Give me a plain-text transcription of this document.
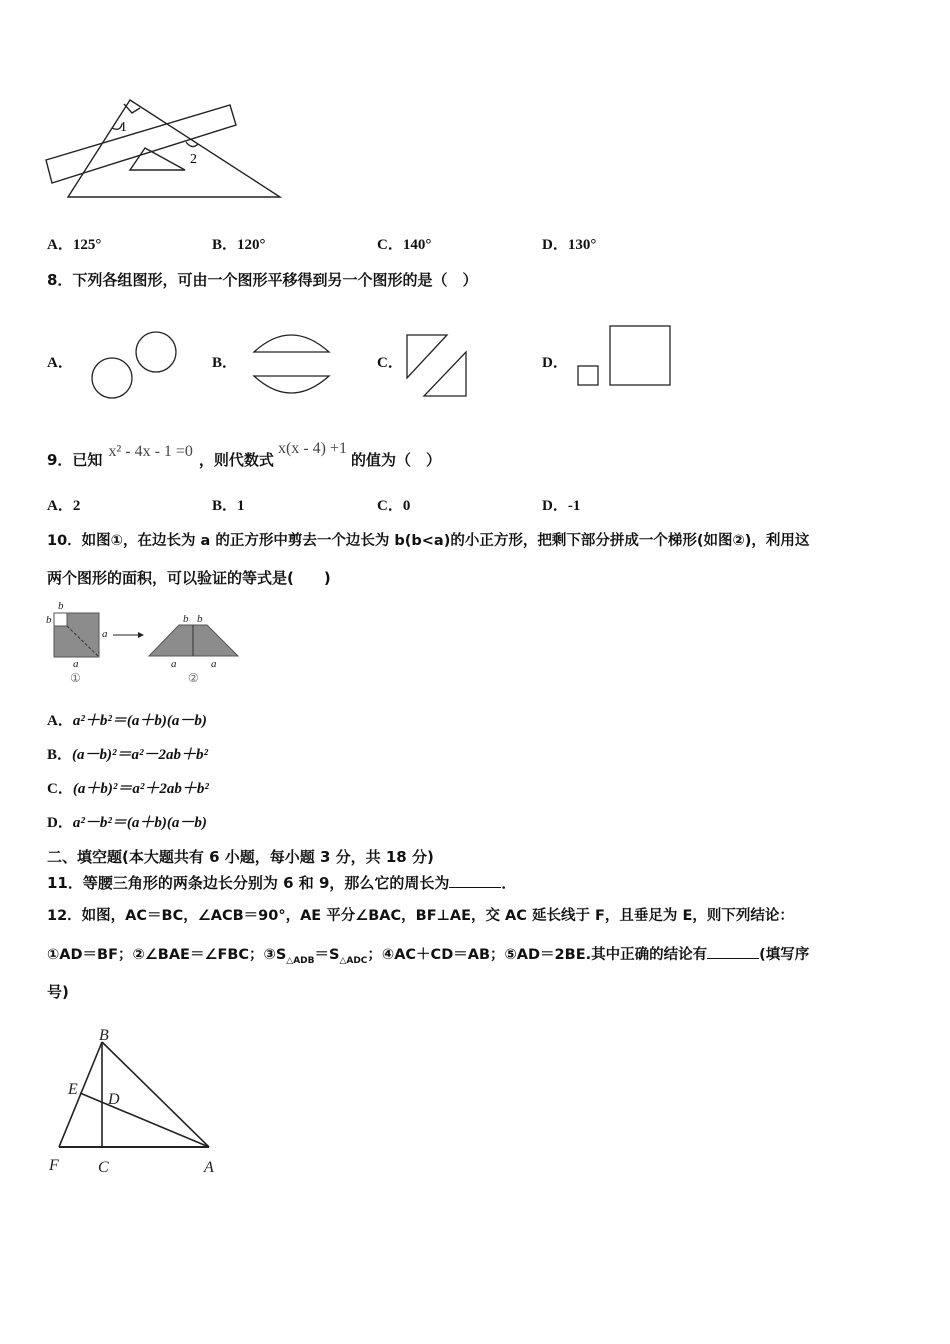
1
2
A．125°	B．120°	C．140°	D．130°
8．下列各组图形，可由一个图形平移得到另一个图形的是（　）
A．	B．	C．	D．
9．已知 x² - 4x - 1 =0 ，则代数式x(x - 4) +1的值为（　）
A．2	B．1	C．0	D．-1
10．如图①，在边长为 a 的正方形中剪去一个边长为 b(b<a)的小正方形，把剩下部分拼成一个梯形(如图②)，利用这
两个图形的面积，可以验证的等式是(　　)
b
b
a
a
b b
a	a
①	②
A．a²＋b²＝(a＋b)(a－b)
B．(a－b)²＝a²－2ab＋b²
C．(a＋b)²＝a²＋2ab＋b²
D．a²－b²＝(a＋b)(a－b)
二、填空题(本大题共有 6 小题，每小题 3 分，共 18 分)
11．等腰三角形的两条边长分别为 6 和 9，那么它的周长为	．
12．如图，AC＝BC，∠ACB＝90°，AE 平分∠BAC，BF⊥AE，交 AC 延长线于 F，且垂足为 E，则下列结论：
①AD＝BF；②∠BAE＝∠FBC；$③S_{\triangle ADB}=S_{\triangle ADC}$；④AC＋CD＝AB；⑤AD＝2BE.其中正确的结论有	(填写序
号)
B
E
D
F C	A
